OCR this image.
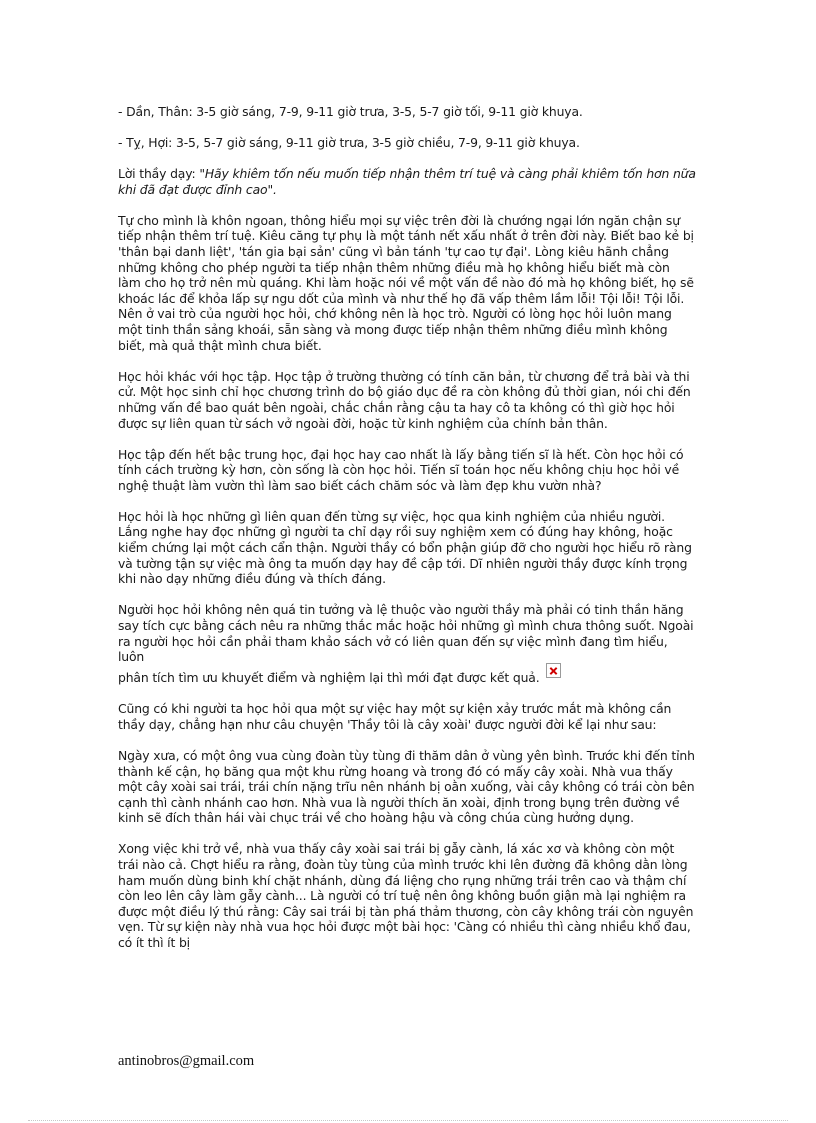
- Dần, Thân: 3-5 giờ sáng, 7-9, 9-11 giờ trưa, 3-5, 5-7 giờ tối, 9-11 giờ khuya.

- Tỵ, Hợi: 3-5, 5-7 giờ sáng, 9-11 giờ trưa, 3-5 giờ chiều, 7-9, 9-11 giờ khuya.

Lời thầy dạy: "Hãy khiêm tốn nếu muốn tiếp nhận thêm trí tuệ và càng phải khiêm tốn hơn nữa khi đã đạt được đỉnh cao".

Tự cho mình là khôn ngoan, thông hiểu mọi sự việc trên đời là chướng ngại lớn ngăn chận sự tiếp nhận thêm trí tuệ. Kiêu căng tự phụ là một tánh nết xấu nhất ở trên đời này. Biết bao kẻ bị 'thân bại danh liệt', 'tán gia bại sản' cũng vì bản tánh 'tự cao tự đại'. Lòng kiêu hãnh chẳng những không cho phép người ta tiếp nhận thêm những điều mà họ không hiểu biết mà còn làm cho họ trở nên mù quáng. Khi làm hoặc nói về một vấn đề nào đó mà họ không biết, họ sẽ khoác lác để khỏa lấp sự ngu dốt của mình và như thế họ đã vấp thêm lầm lỗi! Tội lỗi! Tội lỗi. Nên ở vai trò của người học hỏi, chớ không nên là học trò. Người có lòng học hỏi luôn mang một tinh thần sảng khoái, sẵn sàng và mong được tiếp nhận thêm những điều mình không biết, mà quả thật mình chưa biết.

Học hỏi khác với học tập. Học tập ở trường thường có tính căn bản, từ chương để trả bài và thi cử. Một học sinh chỉ học chương trình do bộ giáo dục đề ra còn không đủ thời gian, nói chi đến những vấn đề bao quát bên ngoài, chắc chắn rằng cậu ta hay cô ta không có thì giờ học hỏi được sự liên quan từ sách vở ngoài đời, hoặc từ kinh nghiệm của chính bản thân.

Học tập đến hết bậc trung học, đại học hay cao nhất là lấy bằng tiến sĩ là hết. Còn học hỏi có tính cách trường kỳ hơn, còn sống là còn học hỏi. Tiến sĩ toán học nếu không chịu học hỏi về nghệ thuật làm vườn thì làm sao biết cách chăm sóc và làm đẹp khu vườn nhà?

Học hỏi là học những gì liên quan đến từng sự việc, học qua kinh nghiệm của nhiều người. Lắng nghe hay đọc những gì người ta chỉ dạy rồi suy nghiệm xem có đúng hay không, hoặc kiểm chứng lại một cách cẩn thận. Người thầy có bổn phận giúp đỡ cho người học hiểu rõ ràng và tường tận sự việc mà ông ta muốn dạy hay đề cập tới. Dĩ nhiên người thầy được kính trọng khi nào dạy những điều đúng và thích đáng.

Người học hỏi không nên quá tin tưởng và lệ thuộc vào người thầy mà phải có tinh thần hăng say tích cực bằng cách nêu ra những thắc mắc hoặc hỏi những gì mình chưa thông suốt. Ngoài ra người học hỏi cần phải tham khảo sách vở có liên quan đến sự việc mình đang tìm hiểu, luôn

phân tích tìm ưu khuyết điểm và nghiệm lại thì mới đạt được kết quả.

Cũng có khi người ta học hỏi qua một sự việc hay một sự kiện xảy trước mắt mà không cần thầy dạy, chẳng hạn như câu chuyện 'Thầy tôi là cây xoài' được người đời kể lại như sau:

Ngày xưa, có một ông vua cùng đoàn tùy tùng đi thăm dân ở vùng yên bình. Trước khi đến tỉnh thành kế cận, họ băng qua một khu rừng hoang và trong đó có mấy cây xoài. Nhà vua thấy một cây xoài sai trái, trái chín nặng trĩu nên nhánh bị oằn xuống, vài cây không có trái còn bên cạnh thì cành nhánh cao hơn. Nhà vua là người thích ăn xoài, định trong bụng trên đường về kinh sẽ đích thân hái vài chục trái về cho hoàng hậu và công chúa cùng hưởng dụng.

Xong việc khi trở về, nhà vua thấy cây xoài sai trái bị gẫy cành, lá xác xơ và không còn một trái nào cả. Chợt hiểu ra rằng, đoàn tùy tùng của mình trước khi lên đường đã không dằn lòng ham muốn dùng binh khí chặt nhánh, dùng đá liệng cho rụng những trái trên cao và thậm chí còn leo lên cây làm gẫy cành... Là người có trí tuệ nên ông không buồn giận mà lại nghiệm ra được một điều lý thú rằng: Cây sai trái bị tàn phá thảm thương, còn cây không trái còn nguyên vẹn. Từ sự kiện này nhà vua học hỏi được một bài học: 'Càng có nhiều thì càng nhiều khổ đau, có ít thì ít bị

antinobros@gmail.com
